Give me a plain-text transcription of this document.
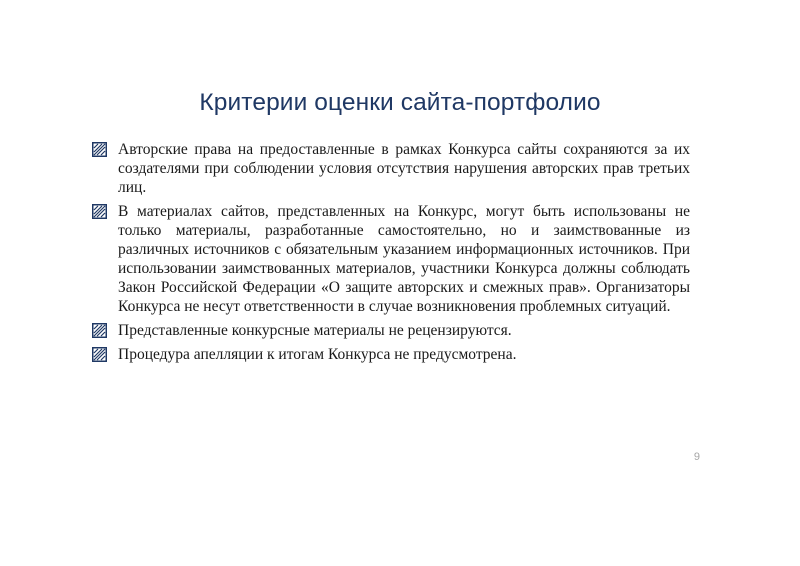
Критерии оценки сайта-портфолио
Авторские права на предоставленные в рамках Конкурса сайты сохраняются за их создателями при соблюдении условия отсутствия нарушения авторских прав третьих лиц.
В материалах сайтов, представленных на Конкурс, могут быть использованы не только материалы, разработанные самостоятельно, но и заимствованные из различных источников с обязательным указанием информационных источников. При использовании заимствованных материалов, участники Конкурса должны соблюдать Закон Российской Федерации «О защите авторских и смежных прав». Организаторы Конкурса не несут ответственности в случае возникновения проблемных ситуаций.
Представленные конкурсные материалы не рецензируются.
Процедура апелляции к итогам Конкурса не предусмотрена.
9
